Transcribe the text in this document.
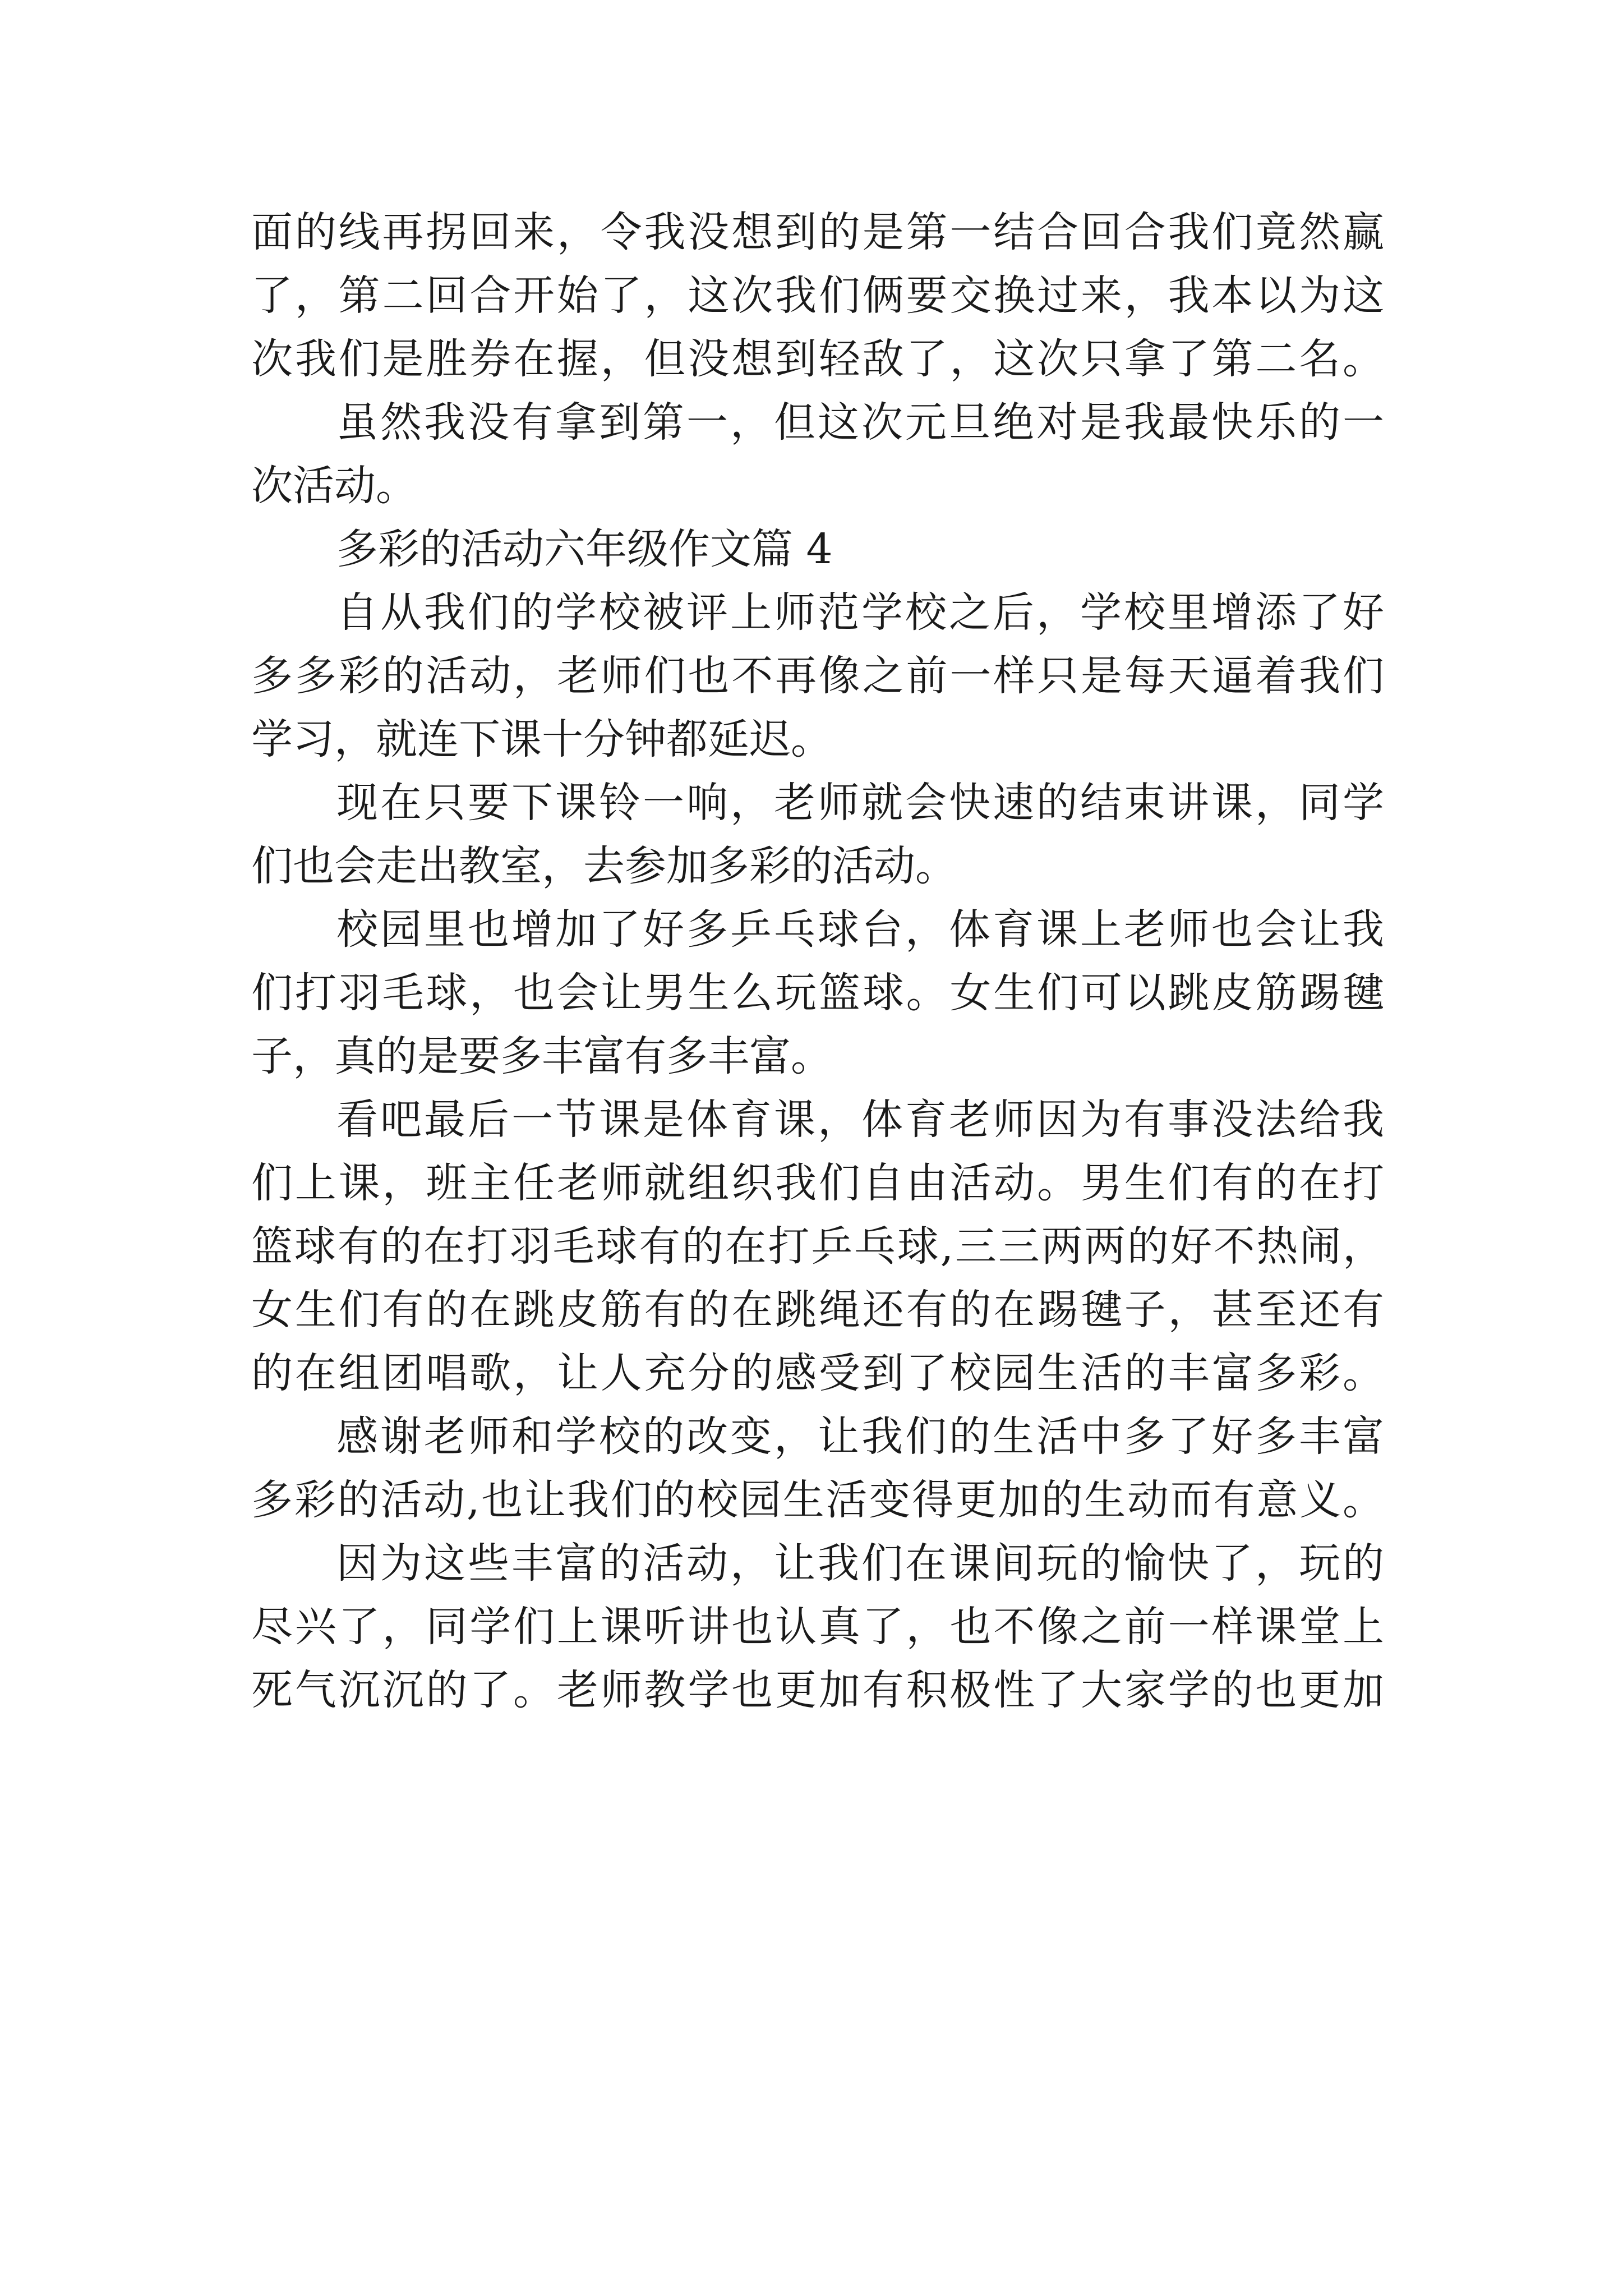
面的线再拐回来，令我没想到的是第一结合回合我们竟然赢
了，第二回合开始了，这次我们俩要交换过来，我本以为这
次我们是胜券在握，但没想到轻敌了，这次只拿了第二名。
虽然我没有拿到第一，但这次元旦绝对是我最快乐的一
次活动。
多彩的活动六年级作文篇 4
自从我们的学校被评上师范学校之后，学校里增添了好
多多彩的活动，老师们也不再像之前一样只是每天逼着我们
学习，就连下课十分钟都延迟。
现在只要下课铃一响，老师就会快速的结束讲课，同学
们也会走出教室，去参加多彩的活动。
校园里也增加了好多乒乓球台，体育课上老师也会让我
们打羽毛球，也会让男生么玩篮球。女生们可以跳皮筋踢毽
子，真的是要多丰富有多丰富。
看吧最后一节课是体育课，体育老师因为有事没法给我
们上课，班主任老师就组织我们自由活动。男生们有的在打
篮球有的在打羽毛球有的在打乒乓球,三三两两的好不热闹，
女生们有的在跳皮筋有的在跳绳还有的在踢毽子，甚至还有
的在组团唱歌，让人充分的感受到了校园生活的丰富多彩。
感谢老师和学校的改变，让我们的生活中多了好多丰富
多彩的活动,也让我们的校园生活变得更加的生动而有意义。
因为这些丰富的活动，让我们在课间玩的愉快了，玩的
尽兴了，同学们上课听讲也认真了，也不像之前一样课堂上
死气沉沉的了。老师教学也更加有积极性了大家学的也更加
